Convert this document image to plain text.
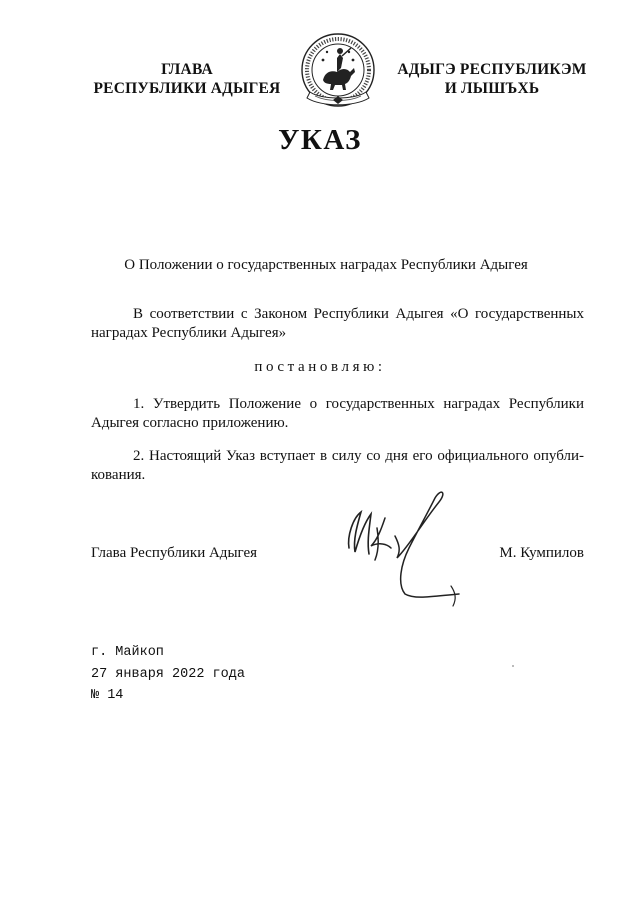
ГЛАВА
РЕСПУБЛИКИ АДЫГЕЯ
АДЫГЭ РЕСПУБЛИКЭМ
И ЛЫШЪХЬ
УКАЗ
О Положении о государственных наградах Республики Адыгея
В соответствии с Законом Республики Адыгея «О государственных наградах Республики Адыгея»
постановляю:
1. Утвердить Положение о государственных наградах Республики Адыгея согласно приложению.
2. Настоящий Указ вступает в силу со дня его официального опубликования.
Глава Республики Адыгея	М. Кумпилов
г. Майкоп
27 января 2022 года
№ 14
